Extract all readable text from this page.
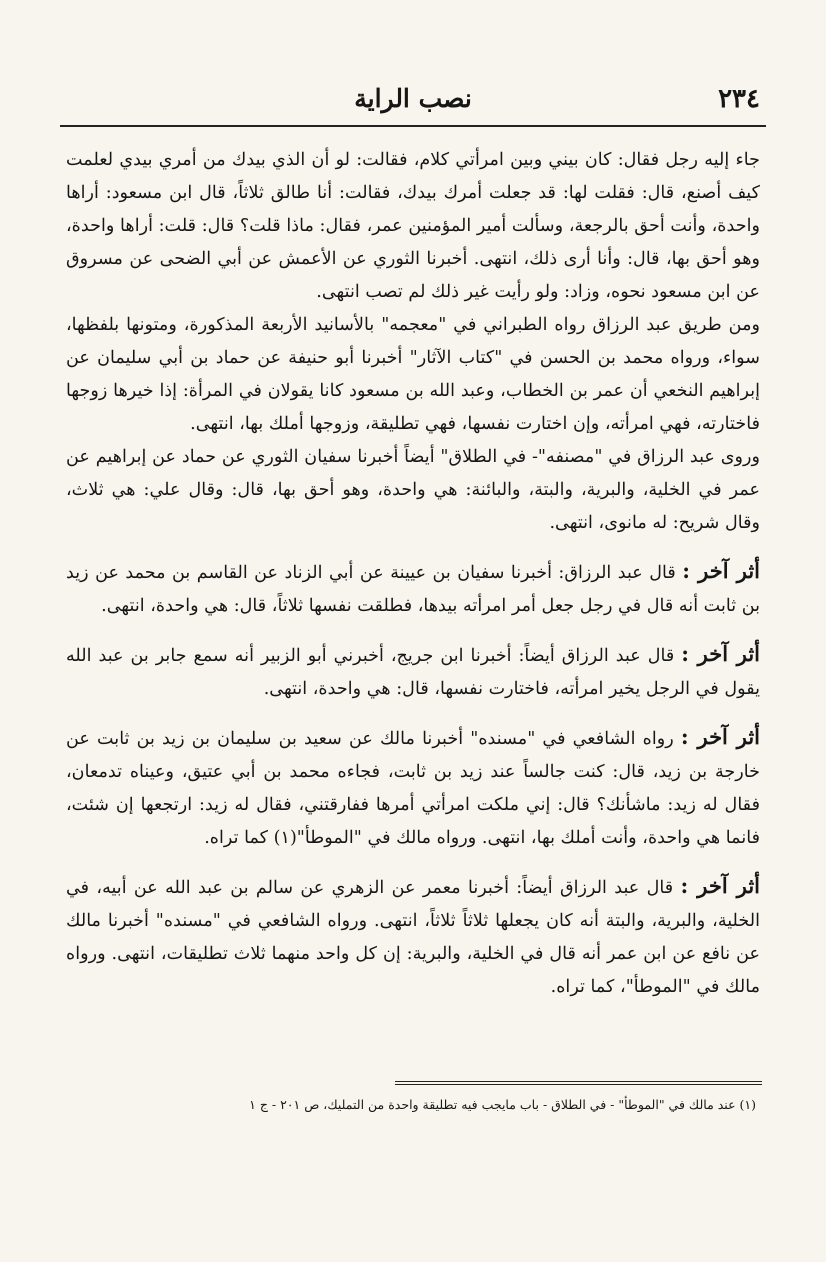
٢٣٤
نصب الراية

جاء إليه رجل فقال: كان بيني وبين امرأتي كلام، فقالت: لو أن الذي بيدك من أمري بيدي لعلمت كيف أصنع، قال: فقلت لها: قد جعلت أمرك بيدك، فقالت: أنا طالق ثلاثاً، قال ابن مسعود: أراها واحدة، وأنت أحق بالرجعة، وسألت أمير المؤمنين عمر، فقال: ماذا قلت؟ قال: قلت: أراها واحدة، وهو أحق بها، قال: وأنا أرى ذلك، انتهى. أخبرنا الثوري عن الأعمش عن أبي الضحى عن مسروق عن ابن مسعود نحوه، وزاد: ولو رأيت غير ذلك لم تصب انتهى.

ومن طريق عبد الرزاق رواه الطبراني في "معجمه" بالأسانيد الأربعة المذكورة، ومتونها بلفظها، سواء، ورواه محمد بن الحسن في "كتاب الآثار" أخبرنا أبو حنيفة عن حماد بن أبي سليمان عن إبراهيم النخعي أن عمر بن الخطاب، وعبد الله بن مسعود كانا يقولان في المرأة: إذا خيرها زوجها فاختارته، فهي امرأته، وإن اختارت نفسها، فهي تطليقة، وزوجها أملك بها، انتهى.

وروى عبد الرزاق في "مصنفه"- في الطلاق" أيضاً أخبرنا سفيان الثوري عن حماد عن إبراهيم عن عمر في الخلية، والبرية، والبتة، والبائنة: هي واحدة، وهو أحق بها، قال: وقال علي: هي ثلاث، وقال شريح: له مانوى، انتهى.

أثر آخر : قال عبد الرزاق: أخبرنا سفيان بن عيينة عن أبي الزناد عن القاسم بن محمد عن زيد بن ثابت أنه قال في رجل جعل أمر امرأته بيدها، فطلقت نفسها ثلاثاً، قال: هي واحدة، انتهى.

أثر آخر : قال عبد الرزاق أيضاً: أخبرنا ابن جريج، أخبرني أبو الزبير أنه سمع جابر بن عبد الله يقول في الرجل يخير امرأته، فاختارت نفسها، قال: هي واحدة، انتهى.

أثر آخر : رواه الشافعي في "مسنده" أخبرنا مالك عن سعيد بن سليمان بن زيد بن ثابت عن خارجة بن زيد، قال: كنت جالساً عند زيد بن ثابت، فجاءه محمد بن أبي عتيق، وعيناه تدمعان، فقال له زيد: ماشأنك؟ قال: إني ملكت امرأتي أمرها ففارقتني، فقال له زيد: ارتجعها إن شئت، فانما هي واحدة، وأنت أملك بها، انتهى. ورواه مالك في "الموطأ"(١) كما تراه.

أثر آخر : قال عبد الرزاق أيضاً: أخبرنا معمر عن الزهري عن سالم بن عبد الله عن أبيه، في الخلية، والبرية، والبتة أنه كان يجعلها ثلاثاً ثلاثاً، انتهى. ورواه الشافعي في "مسنده" أخبرنا مالك عن نافع عن ابن عمر أنه قال في الخلية، والبرية: إن كل واحد منهما ثلاث تطليقات، انتهى. ورواه مالك في "الموطأ"، كما تراه.

(١) عند مالك في "الموطأ" - في الطلاق - باب مايجب فيه تطليقة واحدة من التمليك، ص ٢٠١ - ج ١
